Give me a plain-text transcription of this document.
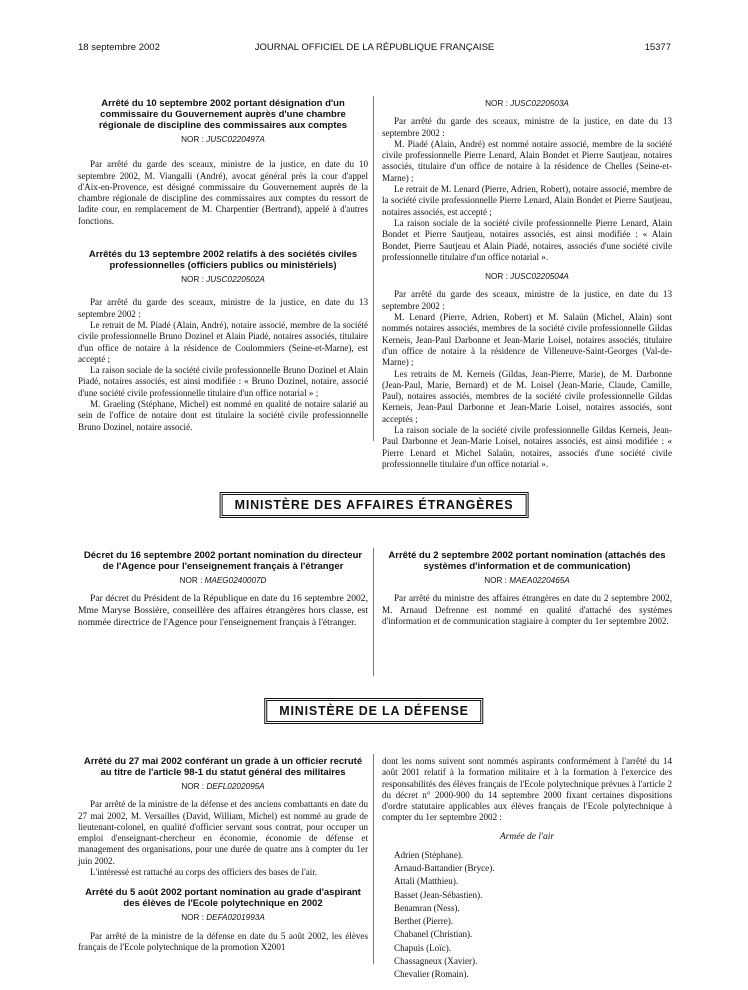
18 septembre 2002	JOURNAL OFFICIEL DE LA RÉPUBLIQUE FRANÇAISE	15377
Arrêté du 10 septembre 2002 portant désignation d'un commissaire du Gouvernement auprès d'une chambre régionale de discipline des commissaires aux comptes
NOR : JUSC0220497A

Par arrêté du garde des sceaux, ministre de la justice, en date du 10 septembre 2002, M. Viangalli (André), avocat général près la cour d'appel d'Aix-en-Provence, est désigné commissaire du Gouvernement auprès de la chambre régionale de discipline des commissaires aux comptes du ressort de ladite cour, en remplacement de M. Charpentier (Bertrand), appelé à d'autres fonctions.

Arrêtés du 13 septembre 2002 relatifs à des sociétés civiles professionnelles (officiers publics ou ministériels)
NOR : JUSC0220502A

Par arrêté du garde des sceaux, ministre de la justice, en date du 13 septembre 2002 :

Le retrait de M. Piadé (Alain, André), notaire associé, membre de la société civile professionnelle Bruno Dozinel et Alain Piadé, notaires associés, titulaire d'un office de notaire à la résidence de Coulommiers (Seine-et-Marne), est accepté ;

La raison sociale de la société civile professionnelle Bruno Dozinel et Alain Piadé, notaires associés, est ainsi modifiée : « Bruno Dozinel, notaire, associé d'une société civile professionnelle titulaire d'un office notarial » ;

M. Graeling (Stéphane, Michel) est nommé en qualité de notaire salarié au sein de l'office de notaire dont est titulaire la société civile professionnelle Bruno Dozinel, notaire associé.

NOR : JUSC0220503A

Par arrêté du garde des sceaux, ministre de la justice, en date du 13 septembre 2002 :

M. Piadé (Alain, André) est nommé notaire associé, membre de la société civile professionnelle Pierre Lenard, Alain Bondet et Pierre Sautjeau, notaires associés, titulaire d'un office de notaire à la résidence de Chelles (Seine-et-Marne) ;

Le retrait de M. Lenard (Pierre, Adrien, Robert), notaire associé, membre de la société civile professionnelle Pierre Lenard, Alain Bondet et Pierre Sautjeau, notaires associés, est accepté ;

La raison sociale de la société civile professionnelle Pierre Lenard, Alain Bondet et Pierre Sautjeau, notaires associés, est ainsi modifiée : « Alain Bondet, Pierre Sautjeau et Alain Piadé, notaires, associés d'une société civile professionnelle titulaire d'un office notarial ».

NOR : JUSC0220504A

Par arrêté du garde des sceaux, ministre de la justice, en date du 13 septembre 2002 :

M. Lenard (Pierre, Adrien, Robert) et M. Salaün (Michel, Alain) sont nommés notaires associés, membres de la société civile professionnelle Gildas Kerneis, Jean-Paul Darbonne et Jean-Marie Loisel, notaires associés, titulaire d'un office de notaire à la résidence de Villeneuve-Saint-Georges (Val-de-Marne) ;

Les retraits de M. Kerneis (Gildas, Jean-Pierre, Marie), de M. Darbonne (Jean-Paul, Marie, Bernard) et de M. Loisel (Jean-Marie, Claude, Camille, Paul), notaires associés, membres de la société civile professionnelle Gildas Kerneis, Jean-Paul Darbonne et Jean-Marie Loisel, notaires associés, sont acceptés ;

La raison sociale de la société civile professionnelle Gildas Kerneis, Jean-Paul Darbonne et Jean-Marie Loisel, notaires associés, est ainsi modifiée : « Pierre Lenard et Michel Salaün, notaires, associés d'une société civile professionnelle titulaire d'un office notarial ».

MINISTÈRE DES AFFAIRES ÉTRANGÈRES
Décret du 16 septembre 2002 portant nomination du directeur de l'Agence pour l'enseignement français à l'étranger
NOR : MAEG0240007D

Par décret du Président de la République en date du 16 septembre 2002, Mme Maryse Bossière, conseillère des affaires étrangères hors classe, est nommée directrice de l'Agence pour l'enseignement français à l'étranger.

Arrêté du 2 septembre 2002 portant nomination (attachés des systèmes d'information et de communication)
NOR : MAEA0220465A

Par arrêté du ministre des affaires étrangères en date du 2 septembre 2002, M. Arnaud Defrenne est nommé en qualité d'attaché des systèmes d'information et de communication stagiaire à compter du 1er septembre 2002.

MINISTÈRE DE LA DÉFENSE
Arrêté du 27 mai 2002 conférant un grade à un officier recruté au titre de l'article 98-1 du statut général des militaires
NOR : DEFL0202095A

Par arrêté de la ministre de la défense et des anciens combattants en date du 27 mai 2002, M. Versailles (David, William, Michel) est nommé au grade de lieutenant-colonel, en qualité d'officier servant sous contrat, pour occuper un emploi d'enseignant-chercheur en économie, économie de défense et management des organisations, pour une durée de quatre ans à compter du 1er juin 2002.

L'intéressé est rattaché au corps des officiers des bases de l'air.

Arrêté du 5 août 2002 portant nomination au grade d'aspirant des élèves de l'Ecole polytechnique en 2002
NOR : DEFA0201993A

Par arrêté de la ministre de la défense en date du 5 août 2002, les élèves français de l'Ecole polytechnique de la promotion X2001

dont les noms suivent sont nommés aspirants conformément à l'arrêté du 14 août 2001 relatif à la formation militaire et à la formation à l'exercice des responsabilités des élèves français de l'Ecole polytechnique prévues à l'article 2 du décret n° 2000-900 du 14 septembre 2000 fixant certaines dispositions d'ordre statutaire applicables aux élèves français de l'Ecole polytechnique à compter du 1er septembre 2002 :

Armée de l'air

Adrien (Stéphane).

Arnaud-Battandier (Bryce).

Attali (Matthieu).

Basset (Jean-Sébastien).

Benamran (Ness).

Berthet (Pierre).

Chabanel (Christian).

Chapuis (Loïc).

Chassagneux (Xavier).

Chevalier (Romain).
